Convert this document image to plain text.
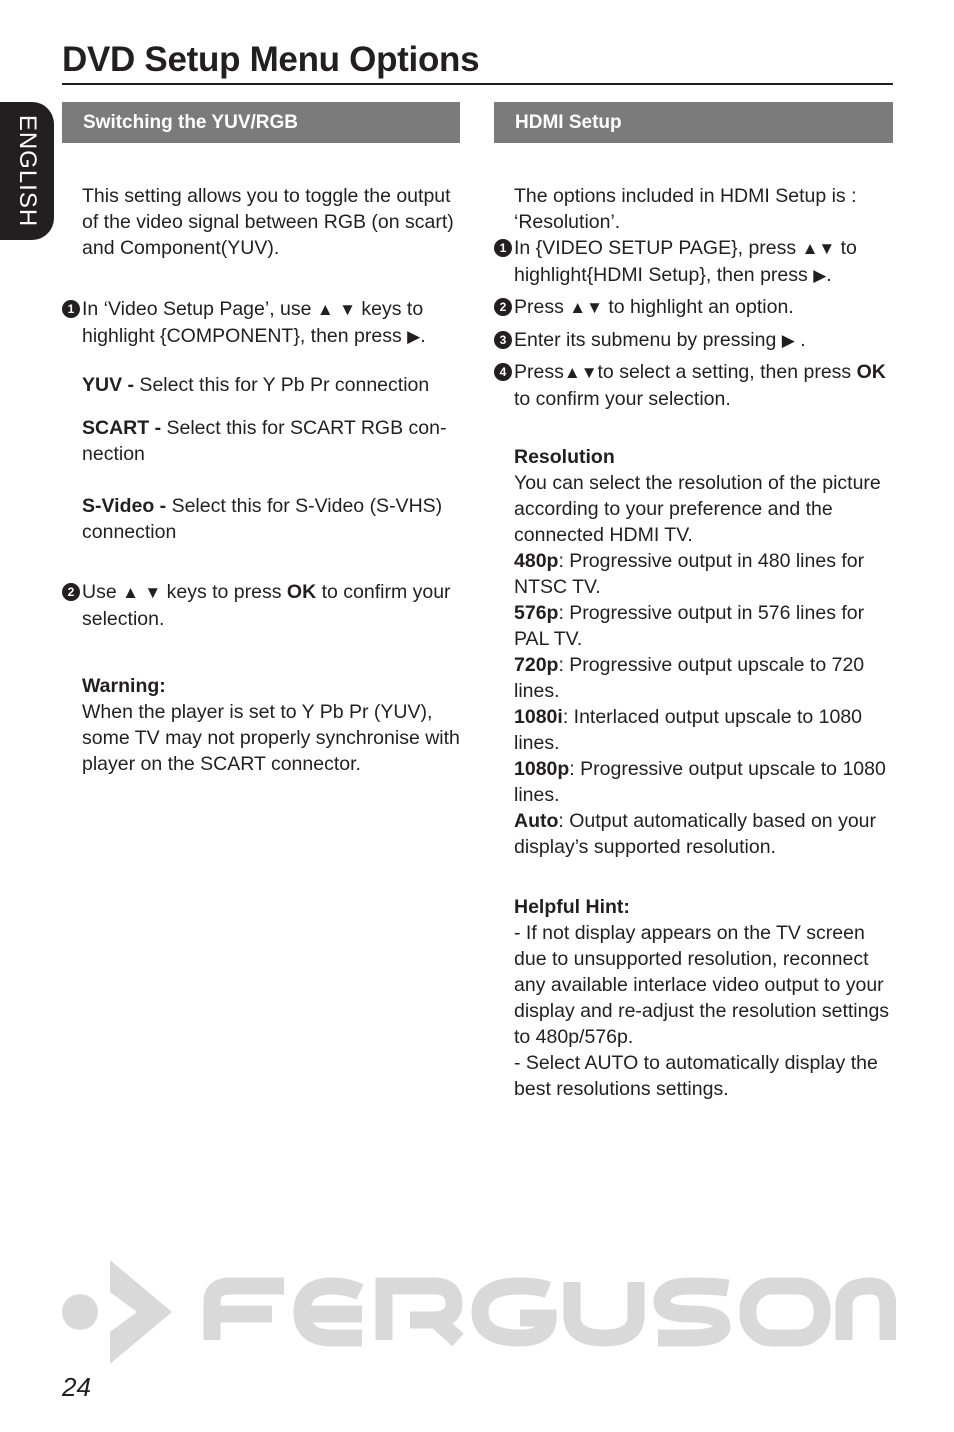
DVD Setup Menu Options
ENGLISH	Switching the YUV/RGB

This setting allows you to toggle the output of the video signal between RGB (on scart) and Component(YUV).

1 In ‘Video Setup Page’, use ▲ ▼ keys to highlight {COMPONENT}, then press ▶.

YUV - Select this for Y Pb Pr connection

SCART - Select this for SCART RGB con-nection

S-Video - Select this for S-Video (S-VHS) connection

2 Use ▲ ▼ keys to press OK to confirm your selection.

Warning:
When the player is set to Y Pb Pr (YUV), some TV may not properly synchronise with player on the SCART connector.

HDMI Setup

The options included in HDMI Setup is : ‘Resolution’.

1 In {VIDEO SETUP PAGE}, press ▲▼ to highlight{HDMI Setup}, then press ▶.

2 Press ▲▼ to highlight an option.

3 Enter its submenu by pressing ▶ .

4 Press▲▼to select a setting, then press OK to confirm your selection.

Resolution
You can select the resolution of the picture according to your preference and the connected HDMI TV.
480p: Progressive output in 480 lines for NTSC TV.
576p: Progressive output in 576 lines for PAL TV.
720p: Progressive output upscale to 720 lines.
1080i: Interlaced output upscale to 1080 lines.
1080p: Progressive output upscale to 1080 lines.
Auto: Output automatically based on your display’s supported resolution.

Helpful Hint:
- If not display appears on the TV screen due to unsupported resolution, reconnect any available interlace video output to your display and re-adjust the resolution settings to 480p/576p.
- Select AUTO to automatically display the best resolutions settings.

24
